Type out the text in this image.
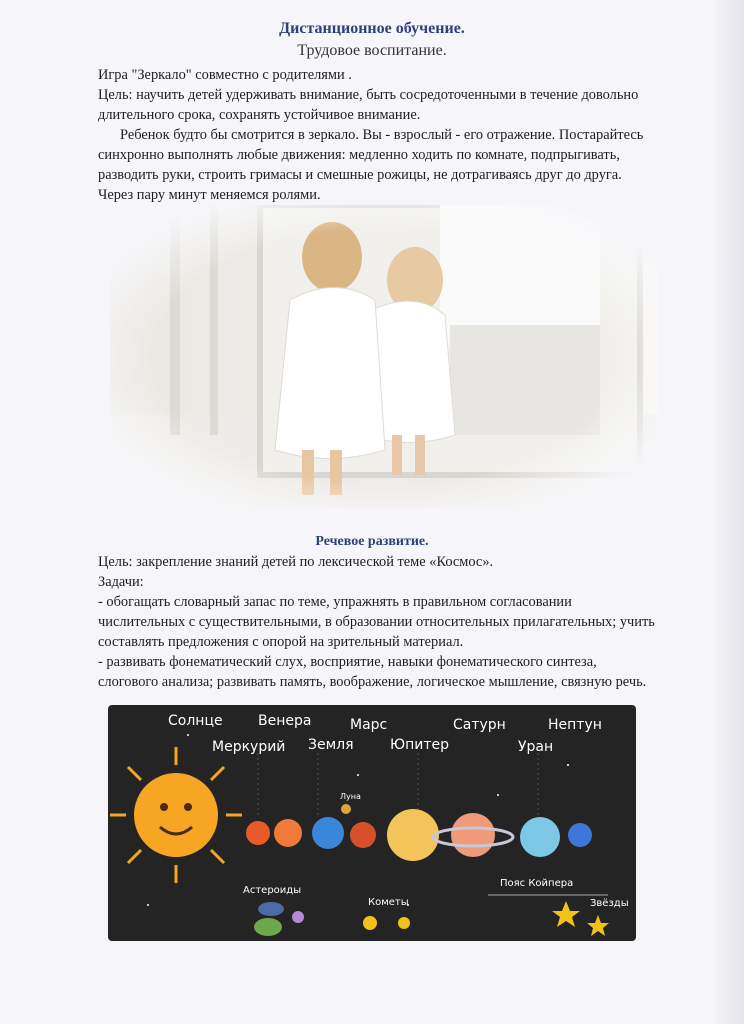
Дистанционное обучение.
Трудовое воспитание.
Игра "Зеркало" совместно с родителями .
Цель: научить детей удерживать внимание, быть сосредоточенными в течение довольно
длительного срока, сохранять устойчивое внимание.
Ребенок будто бы смотрится в зеркало. Вы - взрослый - его отражение. Постарайтесь
синхронно выполнять любые движения: медленно ходить по комнате, подпрыгивать,
разводить руки, строить гримасы и смешные рожицы, не дотрагиваясь друг до друга.
Через пару минут меняемся ролями.
Речевое развитие.
Цель: закрепление знаний детей по лексической теме «Космос».
Задачи:
- обогащать словарный запас по теме, упражнять в правильном согласовании
числительных с существительными, в образовании относительных прилагательных; учить
составлять предложения с опорой на зрительный материал.
- развивать фонематический слух, восприятие, навыки фонематического синтеза,
слогового анализа; развивать память, воображение, логическое мышление, связную речь.
Солнце	Венера	Марс	Сатурн	Нептун
Меркурий Земля	Юпитер	Уран
Луна
Астероиды
Кометы
Пояс Койпера
Звёзды
